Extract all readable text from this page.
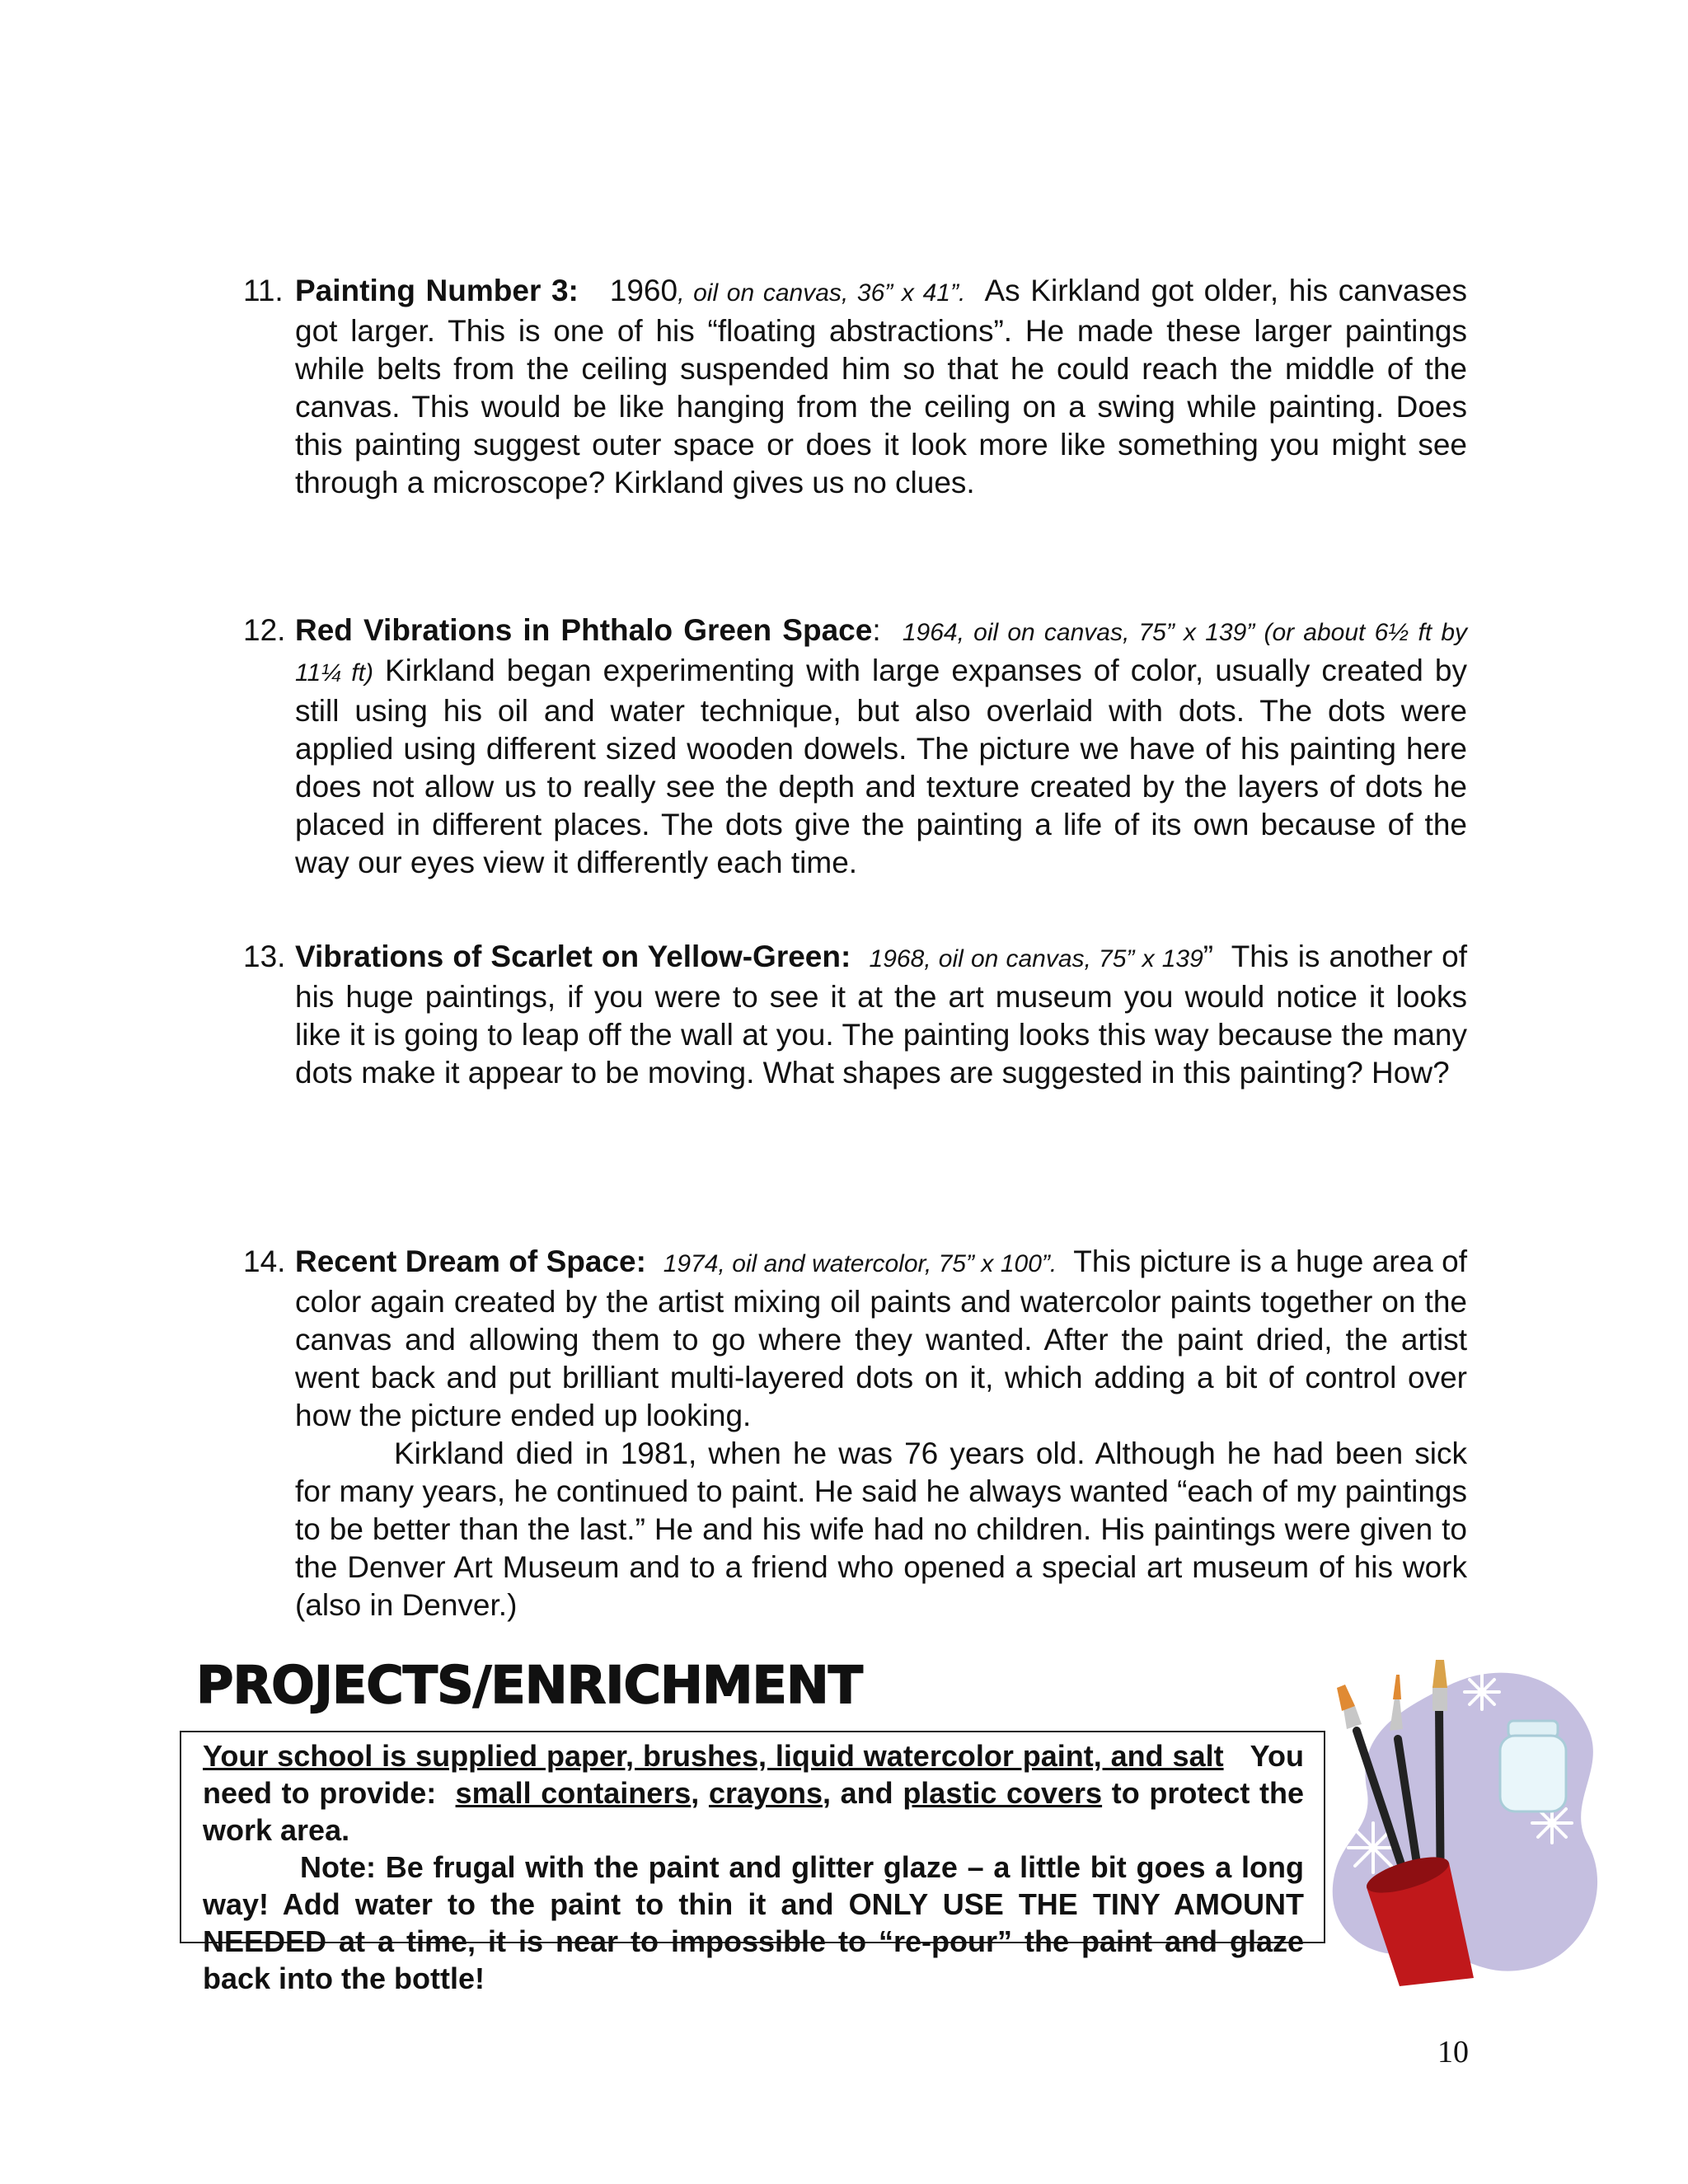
11. Painting Number 3: 1960, oil on canvas, 36” x 41”. As Kirkland got older, his canvases got larger. This is one of his “floating abstractions”. He made these larger paintings while belts from the ceiling suspended him so that he could reach the middle of the canvas. This would be like hanging from the ceiling on a swing while painting. Does this painting suggest outer space or does it look more like something you might see through a microscope? Kirkland gives us no clues.
12. Red Vibrations in Phthalo Green Space: 1964, oil on canvas, 75” x 139” (or about 6½ ft by 11¼ ft) Kirkland began experimenting with large expanses of color, usually created by still using his oil and water technique, but also overlaid with dots. The dots were applied using different sized wooden dowels. The picture we have of his painting here does not allow us to really see the depth and texture created by the layers of dots he placed in different places. The dots give the painting a life of its own because of the way our eyes view it differently each time.
13. Vibrations of Scarlet on Yellow-Green: 1968, oil on canvas, 75” x 139” This is another of his huge paintings, if you were to see it at the art museum you would notice it looks like it is going to leap off the wall at you. The painting looks this way because the many dots make it appear to be moving. What shapes are suggested in this painting? How?
14. Recent Dream of Space: 1974, oil and watercolor, 75” x 100”. This picture is a huge area of color again created by the artist mixing oil paints and watercolor paints together on the canvas and allowing them to go where they wanted. After the paint dried, the artist went back and put brilliant multi-layered dots on it, which adding a bit of control over how the picture ended up looking.
Kirkland died in 1981, when he was 76 years old. Although he had been sick for many years, he continued to paint. He said he always wanted “each of my paintings to be better than the last.” He and his wife had no children. His paintings were given to the Denver Art Museum and to a friend who opened a special art museum of his work (also in Denver.)
PROJECTS/ENRICHMENT
Your school is supplied paper, brushes, liquid watercolor paint, and salt You need to provide: small containers, crayons, and plastic covers to protect the work area.
Note: Be frugal with the paint and glitter glaze – a little bit goes a long way! Add water to the paint to thin it and ONLY USE THE TINY AMOUNT NEEDED at a time, it is near to impossible to “re-pour” the paint and glaze back into the bottle!
10
